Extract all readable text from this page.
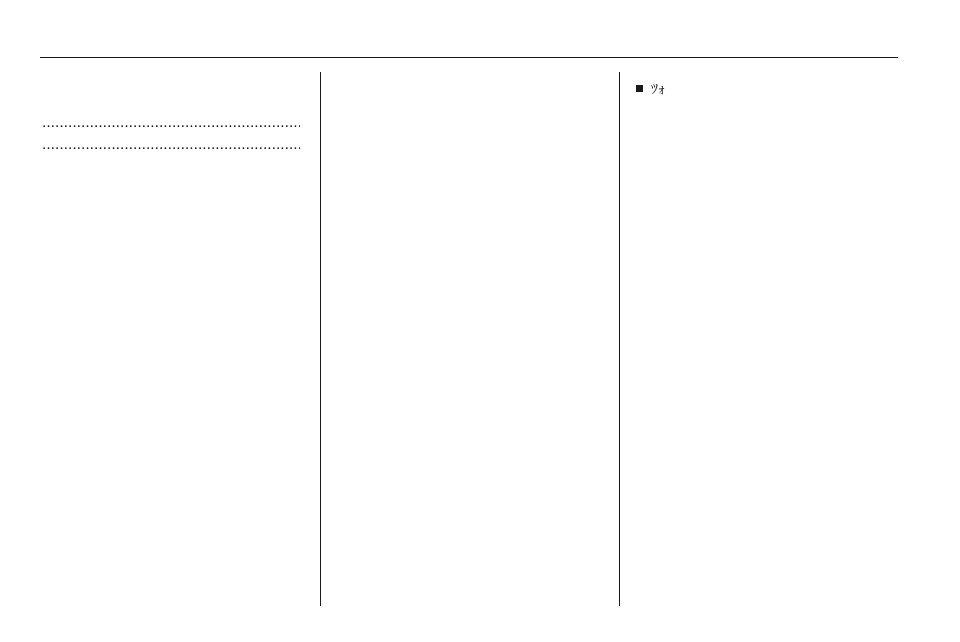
.....
.....

ﾂｫ
